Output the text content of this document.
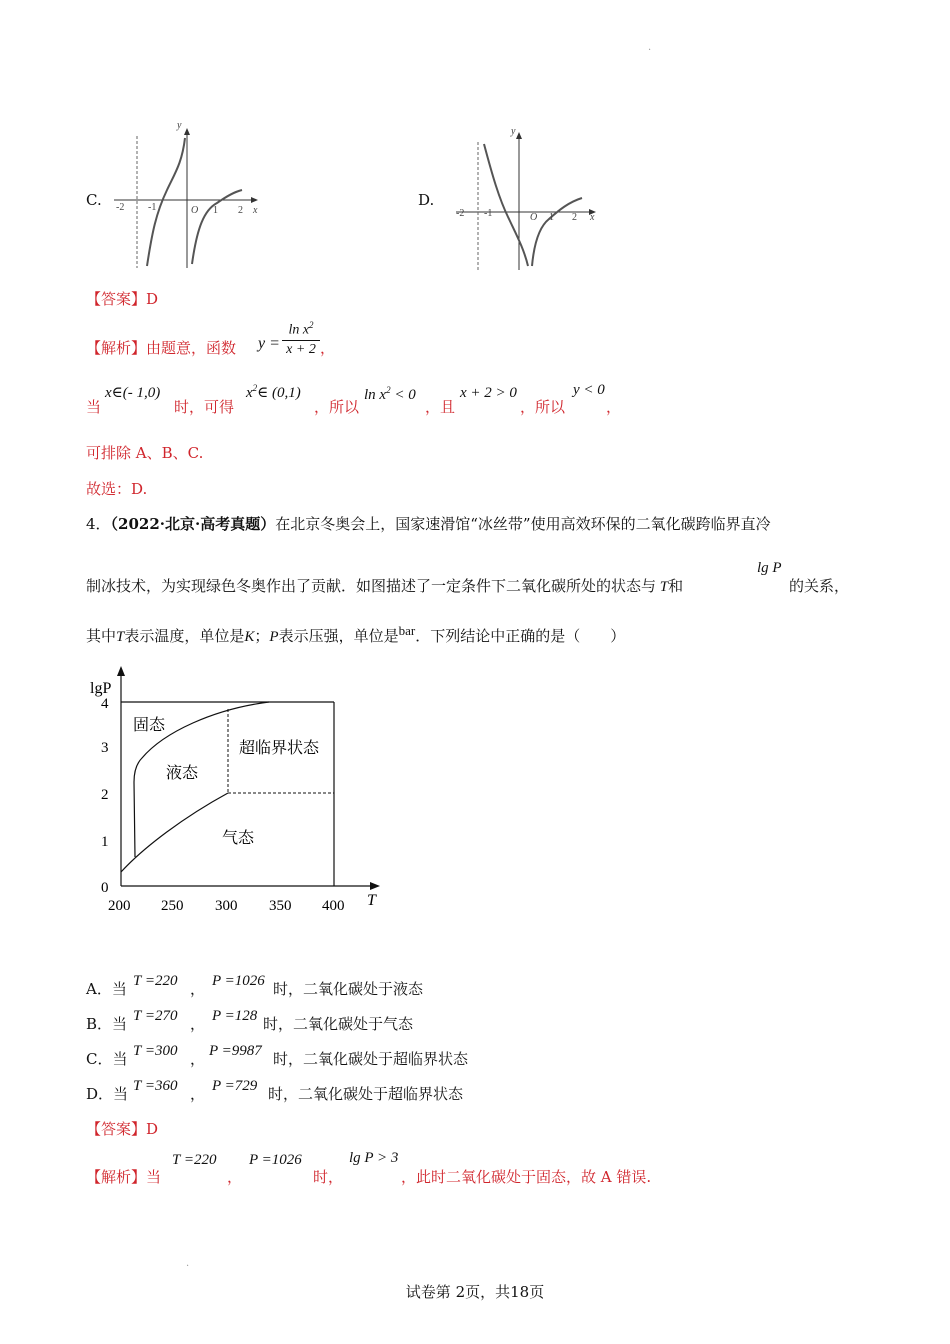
.
.
C.
y
x
O
-2 -1	1 2
D.
y
x
O
-2 -1	1 2
【答案】D
【解析】由题意，函数 y =
$\ln x^2$
x + 2 ，
当
x∈(- 1,0)
时，可得
$x^2\in$ (0,1)
，所以
$\ln x^2 < 0$
，且
x + 2 > 0
，所以
y < 0
，
可排除 A、B、C.
故选：D.
4．（2022·北京·高考真题）在北京冬奥会上，国家速滑馆“冰丝带”使用高效环保的二氧化碳跨临界直冷
制冰技术，为实现绿色冬奥作出了贡献．如图描述了一定条件下二氧化碳所处的状态与 T和
lg P
的关系，
其中T表示温度，单位是K；P表示压强，单位是bar．下列结论中正确的是（　　）
lgP
4
3
2
1
0
200 250 300 350 400 T
固态
液态
超临界状态
气态
A．当 T =220 ， P =1026 时，二氧化碳处于液态
B．当 T =270 ， P =128 时，二氧化碳处于气态
C．当 T =300 ， P =9987 时，二氧化碳处于超临界状态
D．当 T =360 ， P =729 时，二氧化碳处于超临界状态
【答案】D
【解析】当
T =220
，
P =1026
时，
lg P > 3
，此时二氧化碳处于固态，故 A 错误.
试卷第 2页，共18页
